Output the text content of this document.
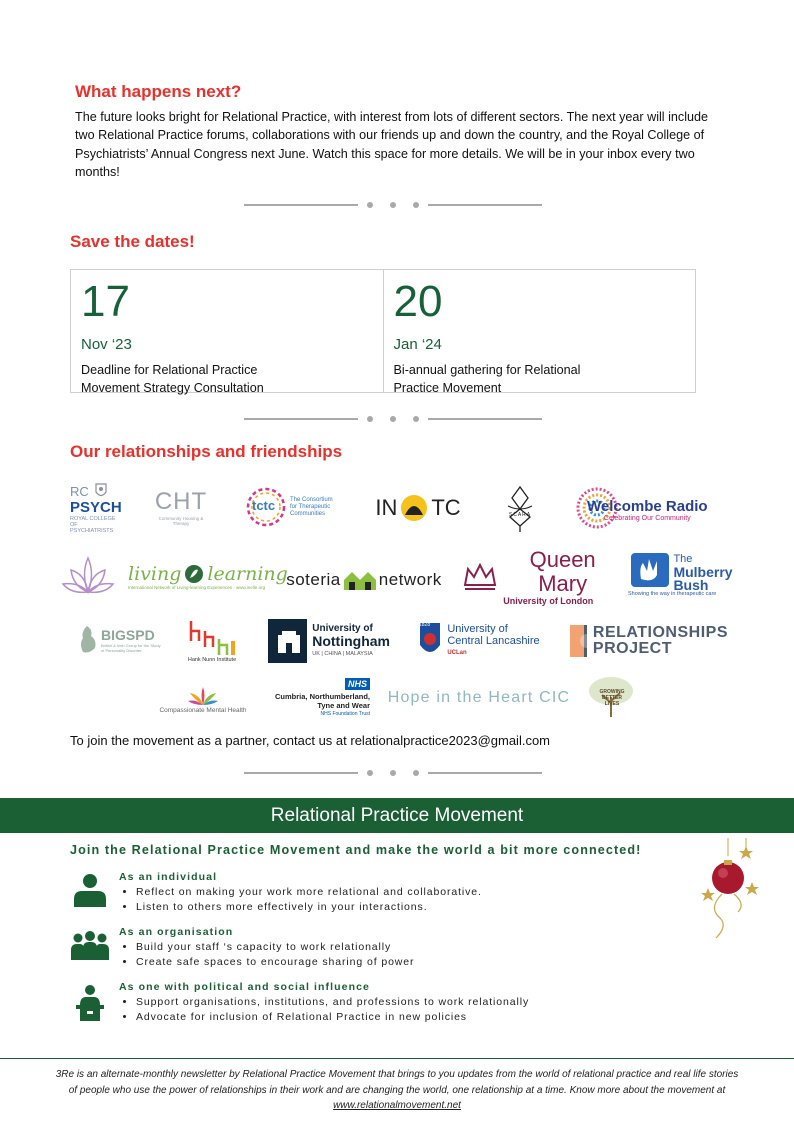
What happens next?

The future looks bright for Relational Practice, with interest from lots of different sectors. The next year will include two Relational Practice forums, collaborations with our friends up and down the country, and the Royal College of Psychiatrists’ Annual Congress next June. Watch this space for more details. We will be in your inbox every two months!

Save the dates!
17
Nov ‘23
Deadline for Relational Practice Movement Strategy Consultation
20
Jan ‘24
Bi-annual gathering for Relational Practice Movement
Our relationships and friendships
RC
PSYCH
ROYAL COLLEGE OF PSYCHIATRISTS
CHT
Community Housing & Therapy
tctc The Consortium for Therapeutic Communities	IN TC	SCARA	Welcombe Radio
Celebrating Our Community
living learning
International Network of Living-learning Experiences · www.inelle.org soteria network
Queen Mary
University of London
The
Mulberry
Bush
Showing the way in therapeutic care
BIGSPD
British & Irish Group for the Study of Personality Disorder
Hank Nunn Institute
University of
Nottingham
UK | CHINA | MALAYSIA
1828 University of
Central Lancashire
UCLan
RELATIONSHIPS
PROJECT
Compassionate Mental Health
NHS
Cumbria, Northumberland,
Tyne and Wear
NHS Foundation Trust
Hope in the Heart CIC	GROWING
BETTER
LIVES

To join the movement as a partner, contact us at relationalpractice2023@gmail.com

Relational Practice Movement

Join the Relational Practice Movement and make the world a bit more connected!

As an individual
• Reflect on making your work more relational and collaborative.
• Listen to others more effectively in your interactions.
As an organisation
• Build your staff ‘s capacity to work relationally
• Create safe spaces to encourage sharing of power
As one with political and social influence
• Support organisations, institutions, and professions to work relationally
• Advocate for inclusion of Relational Practice in new policies

3Re is an alternate-monthly newsletter by Relational Practice Movement that brings to you updates from the world of relational practice and real life stories of people who use the power of relationships in their work and are changing the world, one relationship at a time. Know more about the movement at www.relationalmovement.net
